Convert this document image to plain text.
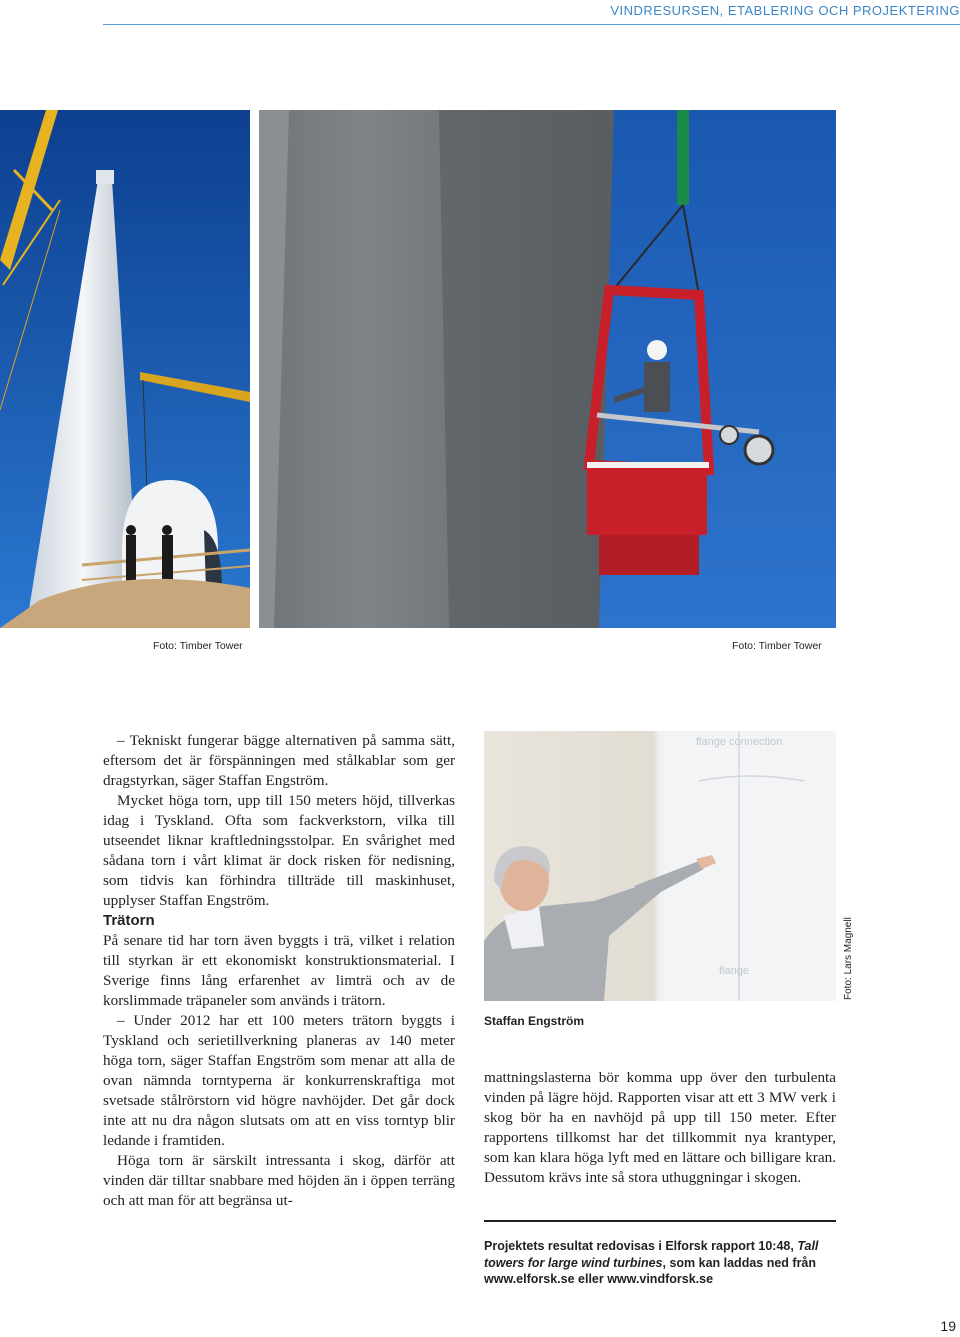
VINDRESURSEN, ETABLERING OCH PROJEKTERING
Foto: Timber Tower	Foto: Timber Tower

– Tekniskt fungerar bägge alternativen på samma sätt, eftersom det är förspänningen med stålkablar som ger dragstyrkan, säger Staffan Engström.

Mycket höga torn, upp till 150 meters höjd, tillverkas idag i Tyskland. Ofta som fackverkstorn, vilka till utseendet liknar kraftledningsstolpar. En svårighet med sådana torn i vårt klimat är dock risken för nedisning, som tidvis kan förhindra tillträde till maskinhuset, upplyser Staffan Engström.

Trätorn

På senare tid har torn även byggts i trä, vilket i relation till styrkan är ett ekonomiskt konstruktionsmaterial. I Sverige finns lång erfarenhet av limträ och av de korslimmade träpaneler som används i trätorn.

– Under 2012 har ett 100 meters trätorn byggts i Tyskland och serietillverkning planeras av 140 meter höga torn, säger Staffan Engström som menar att alla de ovan nämnda torntyperna är konkurrenskraftiga mot svetsade stålrörstorn vid högre navhöjder. Det går dock inte att nu dra någon slutsats om att en viss torntyp blir ledande i framtiden.

Höga torn är särskilt intressanta i skog, därför att vinden där tilltar snabbare med höjden än i öppen terräng och att man för att begränsa ut-

flange connection
flange	Foto: Lars Magnell
Staffan Engström

mattningslasterna bör komma upp över den turbulenta vinden på lägre höjd. Rapporten visar att ett 3 MW verk i skog bör ha en navhöjd på upp till 150 meter. Efter rapportens tillkomst har det tillkommit nya krantyper, som kan klara höga lyft med en lättare och billigare kran. Dessutom krävs inte så stora uthuggningar i skogen.

Projektets resultat redovisas i Elforsk rapport 10:48, Tall towers for large wind turbines, som kan laddas ned från www.elforsk.se eller www.vindforsk.se
19
